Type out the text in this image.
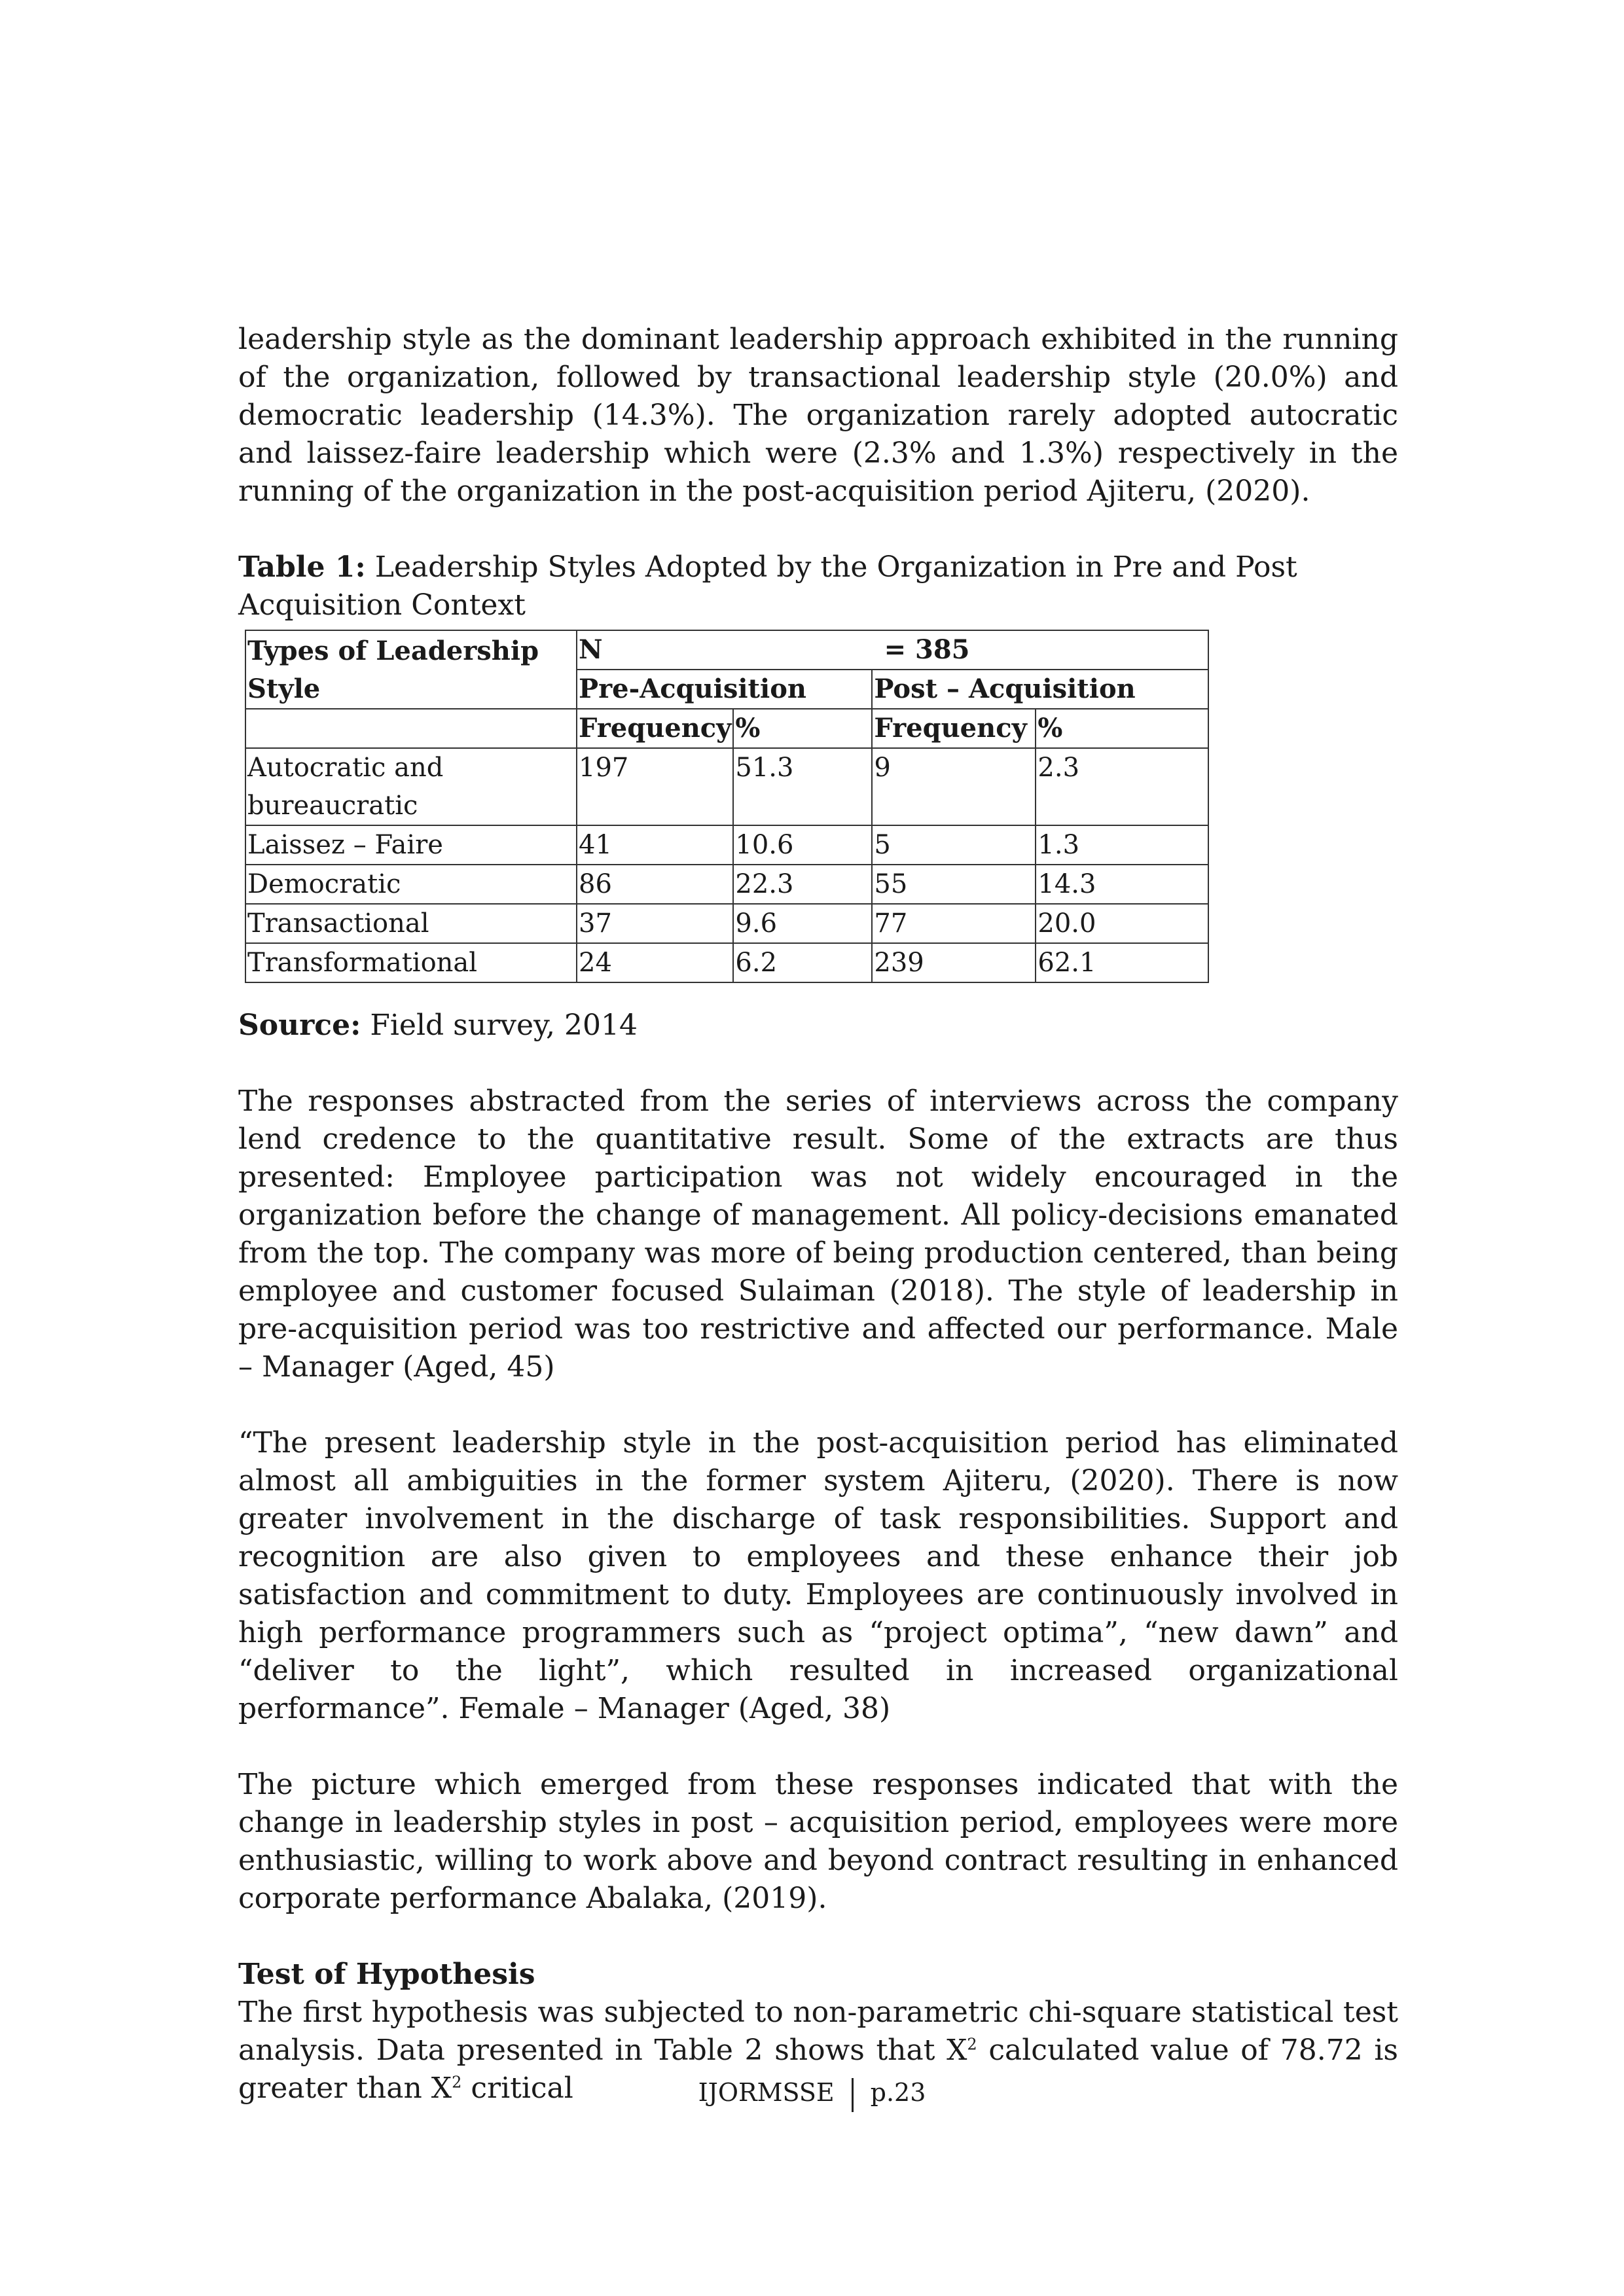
leadership style as the dominant leadership approach exhibited in the running of the organization, followed by transactional leadership style (20.0%) and democratic leadership (14.3%). The organization rarely adopted autocratic and laissez-faire leadership which were (2.3% and 1.3%) respectively in the running of the organization in the post-acquisition period Ajiteru, (2020).

Table 1: Leadership Styles Adopted by the Organization in Pre and Post Acquisition Context

Types of Leadership Style	N = 385			
	Pre-Acquisition		Post – Acquisition	
	Frequency	%	Frequency	%
Autocratic and bureaucratic	197	51.3	9	2.3
Laissez – Faire	41	10.6	5	1.3
Democratic	86	22.3	55	14.3
Transactional	37	9.6	77	20.0
Transformational	24	6.2	239	62.1

Source: Field survey, 2014

The responses abstracted from the series of interviews across the company lend credence to the quantitative result. Some of the extracts are thus presented: Employee participation was not widely encouraged in the organization before the change of management. All policy-decisions emanated from the top. The company was more of being production centered, than being employee and customer focused Sulaiman (2018). The style of leadership in pre-acquisition period was too restrictive and affected our performance. Male – Manager (Aged, 45)

“The present leadership style in the post-acquisition period has eliminated almost all ambiguities in the former system Ajiteru, (2020). There is now greater involvement in the discharge of task responsibilities. Support and recognition are also given to employees and these enhance their job satisfaction and commitment to duty. Employees are continuously involved in high performance programmers such as “project optima”, “new dawn” and “deliver to the light”, which resulted in increased organizational performance”. Female – Manager (Aged, 38)

The picture which emerged from these responses indicated that with the change in leadership styles in post – acquisition period, employees were more enthusiastic, willing to work above and beyond contract resulting in enhanced corporate performance Abalaka, (2019).

Test of Hypothesis

The first hypothesis was subjected to non-parametric chi-square statistical test analysis. Data presented in Table 2 shows that $X^2$ calculated value of 78.72 is greater than $X^2$ critical	IJORMSSE p.23
